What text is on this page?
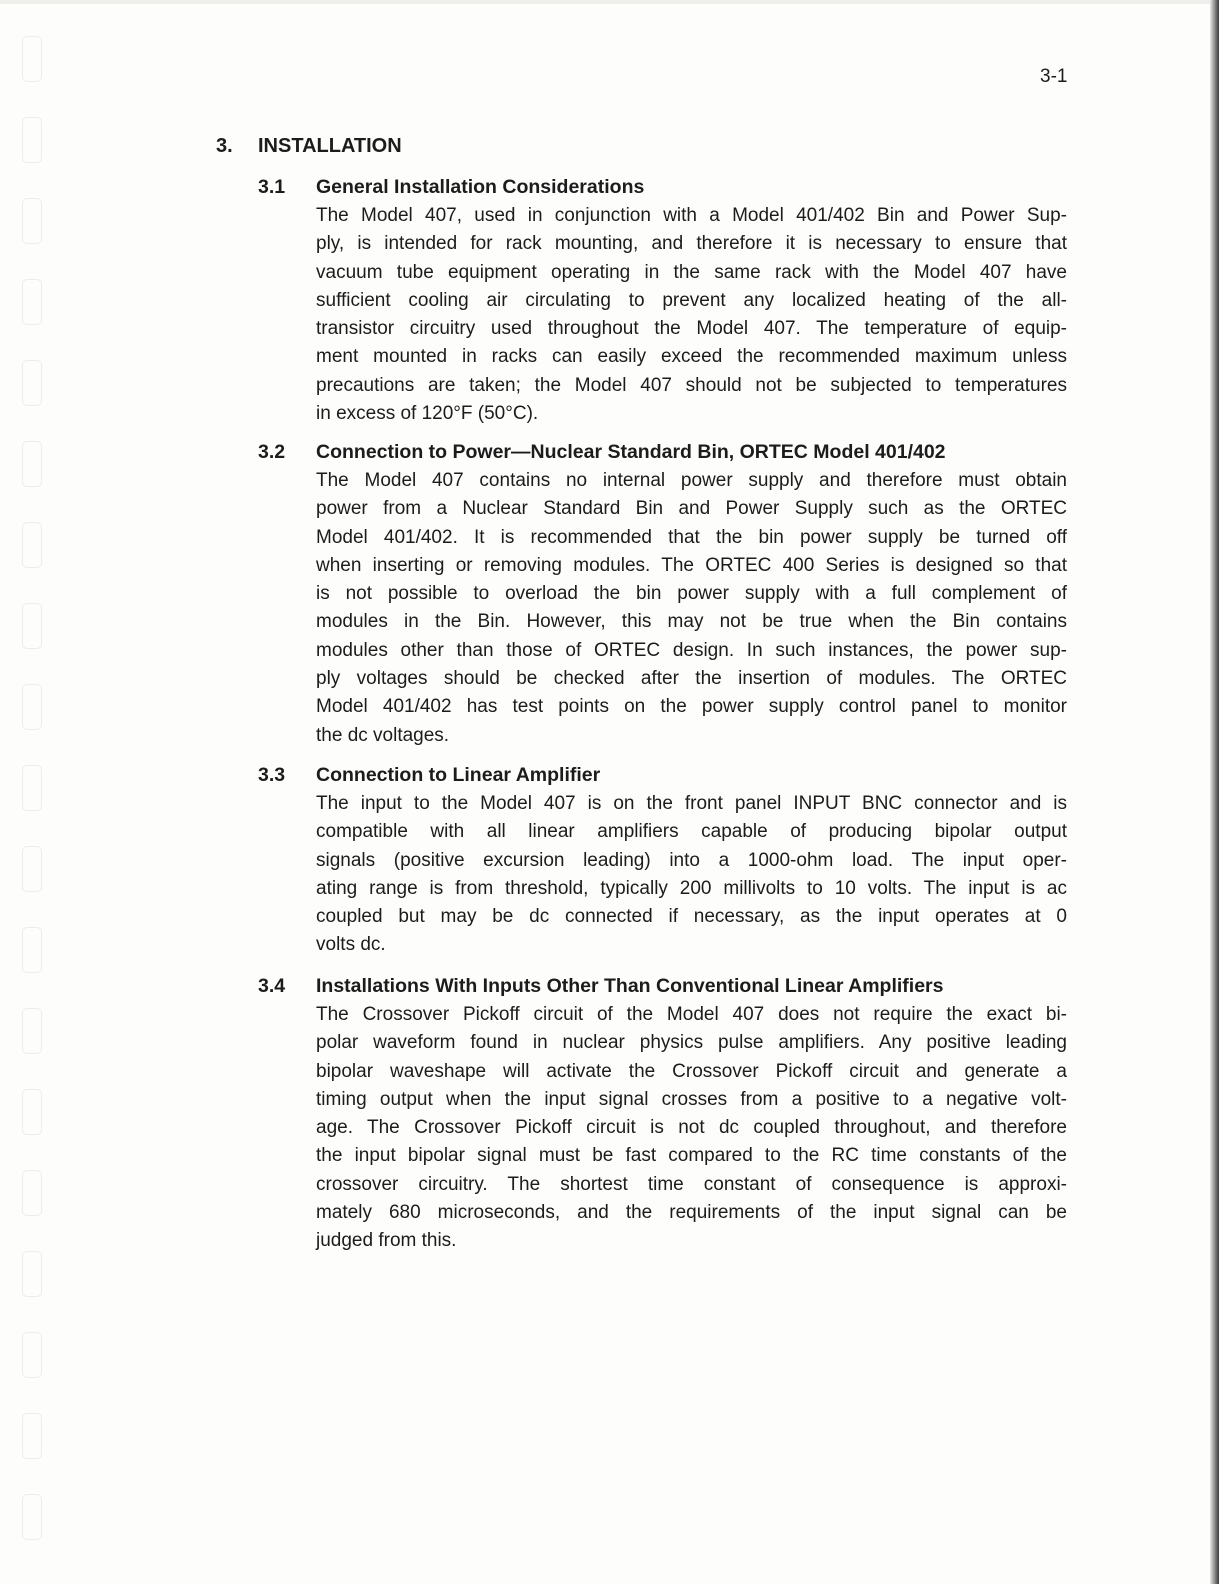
3-1
3. INSTALLATION
3.1	General Installation Considerations
The Model 407, used in conjunction with a Model 401/402 Bin and Power Sup-
ply, is intended for rack mounting, and therefore it is necessary to ensure that
vacuum tube equipment operating in the same rack with the Model 407 have
sufficient cooling air circulating to prevent any localized heating of the all-
transistor circuitry used throughout the Model 407. The temperature of equip-
ment mounted in racks can easily exceed the recommended maximum unless
precautions are taken; the Model 407 should not be subjected to temperatures
in excess of 120°F (50°C).
3.2	Connection to Power—Nuclear Standard Bin, ORTEC Model 401/402
The Model 407 contains no internal power supply and therefore must obtain
power from a Nuclear Standard Bin and Power Supply such as the ORTEC
Model 401/402. It is recommended that the bin power supply be turned off
when inserting or removing modules. The ORTEC 400 Series is designed so that
is not possible to overload the bin power supply with a full complement of
modules in the Bin. However, this may not be true when the Bin contains
modules other than those of ORTEC design. In such instances, the power sup-
ply voltages should be checked after the insertion of modules. The ORTEC
Model 401/402 has test points on the power supply control panel to monitor
the dc voltages.
3.3	Connection to Linear Amplifier
The input to the Model 407 is on the front panel INPUT BNC connector and is
compatible with all linear amplifiers capable of producing bipolar output
signals (positive excursion leading) into a 1000-ohm load. The input oper-
ating range is from threshold, typically 200 millivolts to 10 volts. The input is ac
coupled but may be dc connected if necessary, as the input operates at 0
volts dc.
3.4	Installations With Inputs Other Than Conventional Linear Amplifiers
The Crossover Pickoff circuit of the Model 407 does not require the exact bi-
polar waveform found in nuclear physics pulse amplifiers. Any positive leading
bipolar waveshape will activate the Crossover Pickoff circuit and generate a
timing output when the input signal crosses from a positive to a negative volt-
age. The Crossover Pickoff circuit is not dc coupled throughout, and therefore
the input bipolar signal must be fast compared to the RC time constants of the
crossover circuitry. The shortest time constant of consequence is approxi-
mately 680 microseconds, and the requirements of the input signal can be
judged from this.
